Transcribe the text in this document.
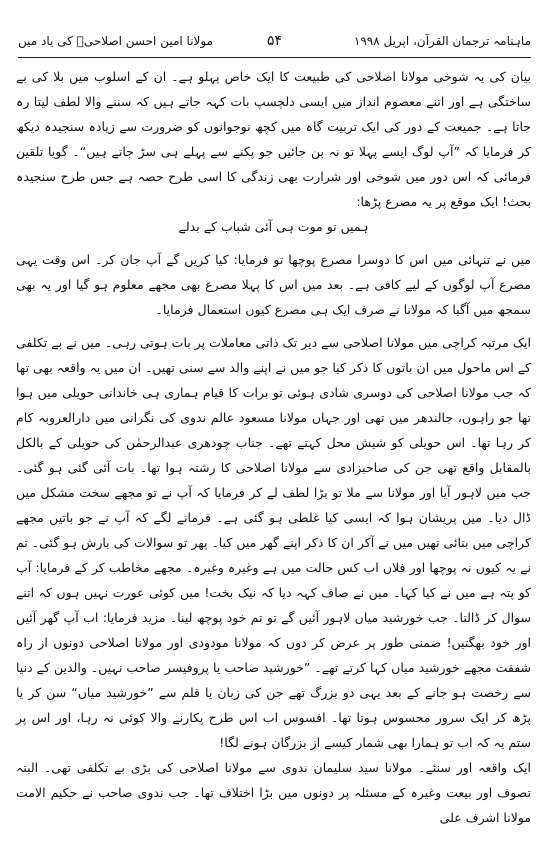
ماہنامہ ترجمان القرآن، اپریل ۱۹۹۸
۵۴
مولانا امین احسن اصلاحیؒ کی یاد میں

بیان کی یہ شوخی مولانا اصلاحی کی طبیعت کا ایک خاص پہلو ہے۔ ان کے اسلوب میں بلا کی بے ساختگی ہے اور اتنے معصوم انداز میں ایسی دلچسپ بات کہہ جاتے ہیں کہ سننے والا لطف لیتا رہ جاتا ہے۔ جمیعت کے دور کی ایک تربیت گاہ میں کچھ نوجوانوں کو ضرورت سے زیادہ سنجیدہ دیکھ کر فرمایا کہ ”آپ لوگ ایسے پہلا تو نہ بن جائیں جو پکنے سے پہلے ہی سڑ جاتے ہیں“۔ گویا تلقین فرمائی کہ اس دور میں شوخی اور شرارت بھی زندگی کا اسی طرح حصہ ہے جس طرح سنجیدہ بحث! ایک موقع پر یہ مصرع پڑھا:

ہمیں تو موت ہی آئی شباب کے بدلے

میں نے تنہائی میں اس کا دوسرا مصرع پوچھا تو فرمایا: کیا کریں گے آپ جان کر۔ اس وقت یہی مصرع آپ لوگوں کے لیے کافی ہے۔ بعد میں اس کا پہلا مصرع بھی مجھے معلوم ہو گیا اور یہ بھی سمجھ میں آگیا کہ مولانا نے صرف ایک ہی مصرع کیوں استعمال فرمایا۔

ایک مرتبہ کراچی میں مولانا اصلاحی سے دیر تک ذاتی معاملات پر بات ہوتی رہی۔ میں نے بے تکلفی کے اس ماحول میں ان باتوں کا ذکر کیا جو میں نے اپنے والد سے سنی تھیں۔ ان میں یہ واقعہ بھی تھا کہ جب مولانا اصلاحی کی دوسری شادی ہوئی تو برات کا قیام ہماری ہی خاندانی حویلی میں ہوا تھا جو راہوں، جالندھر میں تھی اور جہاں مولانا مسعود عالم ندوی کی نگرانی میں دارالعروبہ کام کر رہا تھا۔ اس حویلی کو شیش محل کہتے تھے۔ جناب چودھری عبدالرحمٰن کی حویلی کے بالکل بالمقابل واقع تھی جن کی صاحبزادی سے مولانا اصلاحی کا رشتہ ہوا تھا۔ بات آئی گئی ہو گئی۔ جب میں لاہور آیا اور مولانا سے ملا تو بڑا لطف لے کر فرمایا کہ آپ نے تو مجھے سخت مشکل میں ڈال دیا۔ میں پریشان ہوا کہ ایسی کیا غلطی ہو گئی ہے۔ فرمانے لگے کہ آپ نے جو باتیں مجھے کراچی میں بتائی تھیں میں نے آکر ان کا ذکر اپنے گھر میں کیا۔ پھر تو سوالات کی بارش ہو گئی۔ تم نے یہ کیوں نہ پوچھا اور فلاں اب کس حالت میں ہے وغیرہ وغیرہ۔ مجھے مخاطب کر کے فرمایا: آپ کو پتہ ہے میں نے کیا کہا۔ میں نے صاف کہہ دیا کہ نیک بخت! میں کوئی عورت نہیں ہوں کہ اتنے سوال کر ڈالتا۔ جب خورشید میاں لاہور آئیں گے تو تم خود پوچھ لینا۔ مزید فرمایا: اب آپ گھر آئیں اور خود بھگتیں! ضمنی طور پر عرض کر دوں کہ مولانا مودودی اور مولانا اصلاحی دونوں از راہ شفقت مجھے خورشید میاں کہا کرتے تھے۔ ”خورشید صاحب یا پروفیسر صاحب نہیں۔ والدین کے دنیا سے رخصت ہو جانے کے بعد یہی دو بزرگ تھے جن کی زبان یا قلم سے ”خورشید میاں“ سن کر یا پڑھ کر ایک سرور محسوس ہوتا تھا۔ افسوس اب اس طرح پکارنے والا کوئی نہ رہا، اور اس پر ستم یہ کہ اب تو ہمارا بھی شمار کیسے از بزرگان ہونے لگا!

ایک واقعہ اور سنئے۔ مولانا سید سلیمان ندوی سے مولانا اصلاحی کی بڑی بے تکلفی تھی۔ البتہ تصوف اور بیعت وغیرہ کے مسئلہ پر دونوں میں بڑا اختلاف تھا۔ جب ندوی صاحب نے حکیم الامت مولانا اشرف علی
